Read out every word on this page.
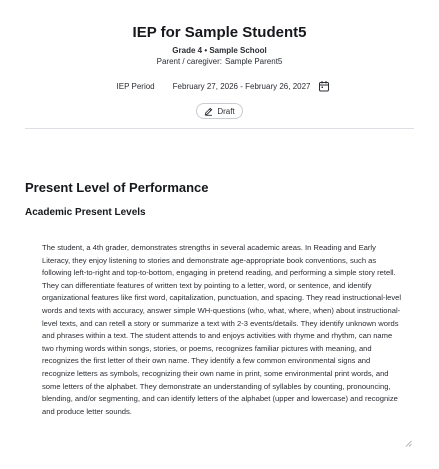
IEP for Sample Student5
Grade 4 • Sample School
Parent / caregiver: Sample Parent5
IEP Period February 27, 2026 - February 26, 2027
Draft
Present Level of Performance
Academic Present Levels
The student, a 4th grader, demonstrates strengths in several academic areas. In Reading and Early Literacy, they enjoy listening to stories and demonstrate age-appropriate book conventions, such as following left-to-right and top-to-bottom, engaging in pretend reading, and performing a simple story retell. They can differentiate features of written text by pointing to a letter, word, or sentence, and identify organizational features like first word, capitalization, punctuation, and spacing. They read instructional-level words and texts with accuracy, answer simple WH-questions (who, what, where, when) about instructional-level texts, and can retell a story or summarize a text with 2-3 events/details. They identify unknown words and phrases within a text. The student attends to and enjoys activities with rhyme and rhythm, can name two rhyming words within songs, stories, or poems, recognizes familiar pictures with meaning, and recognizes the first letter of their own name. They identify a few common environmental signs and recognize letters as symbols, recognizing their own name in print, some environmental print words, and some letters of the alphabet. They demonstrate an understanding of syllables by counting, pronouncing, blending, and/or segmenting, and can identify letters of the alphabet (upper and lowercase) and recognize and produce letter sounds.
